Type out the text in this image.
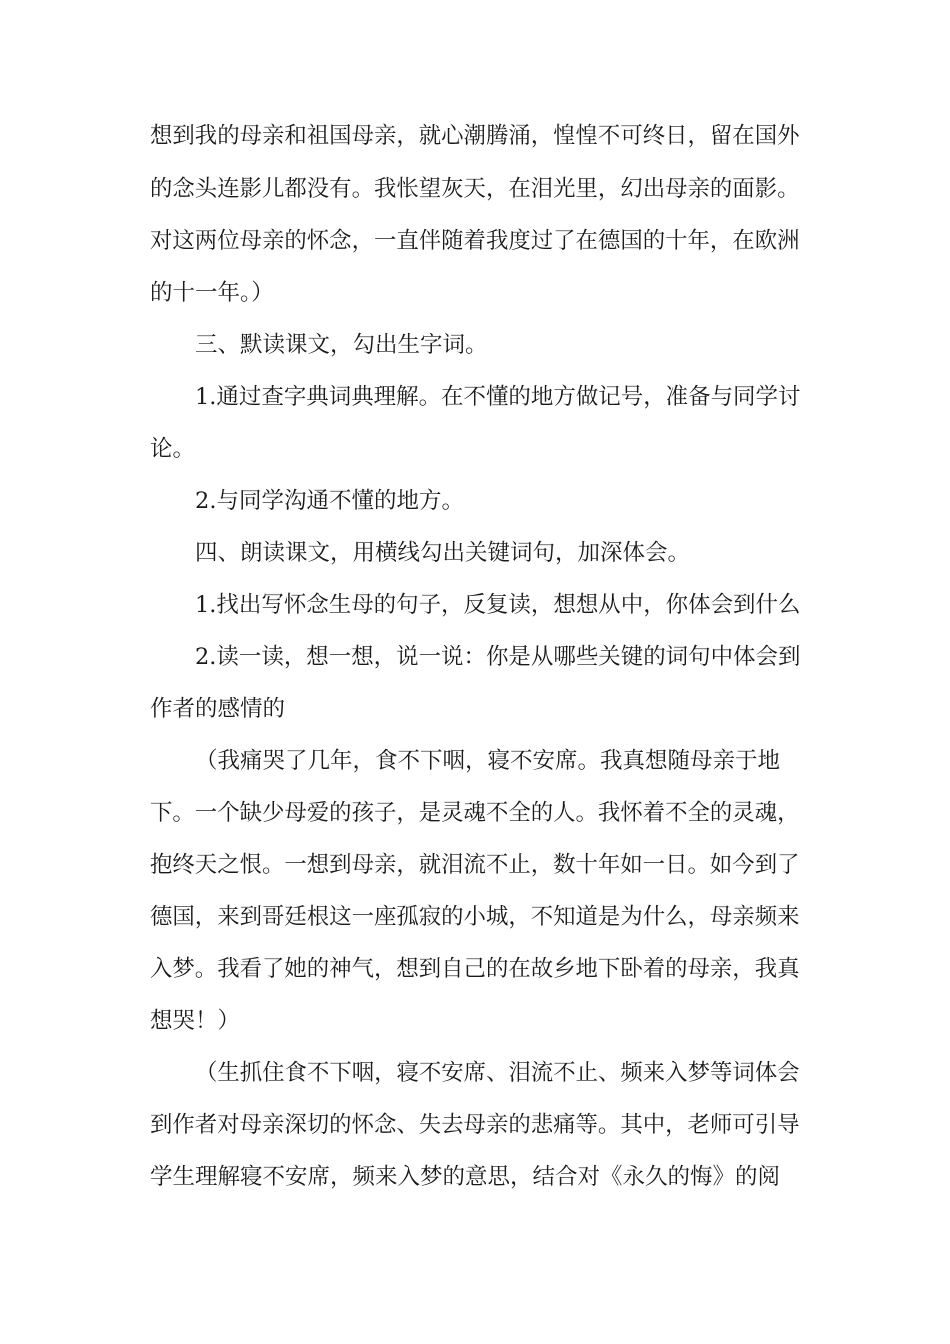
想到我的母亲和祖国母亲，就心潮腾涌，惶惶不可终日，留在国外
的念头连影儿都没有。我怅望灰天，在泪光里，幻出母亲的面影。
对这两位母亲的怀念，一直伴随着我度过了在德国的十年，在欧洲
的十一年。）
三、默读课文，勾出生字词。
1.通过查字典词典理解。在不懂的地方做记号，准备与同学讨
论。
2.与同学沟通不懂的地方。
四、朗读课文，用横线勾出关键词句，加深体会。
1.找出写怀念生母的句子，反复读，想想从中，你体会到什么
2.读一读，想一想，说一说：你是从哪些关键的词句中体会到
作者的感情的
（我痛哭了几年，食不下咽，寝不安席。我真想随母亲于地
下。一个缺少母爱的孩子，是灵魂不全的人。我怀着不全的灵魂，
抱终天之恨。一想到母亲，就泪流不止，数十年如一日。如今到了
德国，来到哥廷根这一座孤寂的小城，不知道是为什么，母亲频来
入梦。我看了她的神气，想到自己的在故乡地下卧着的母亲，我真
想哭！）
（生抓住食不下咽，寝不安席、泪流不止、频来入梦等词体会
到作者对母亲深切的怀念、失去母亲的悲痛等。其中，老师可引导
学生理解寝不安席，频来入梦的意思，结合对《永久的悔》的阅
